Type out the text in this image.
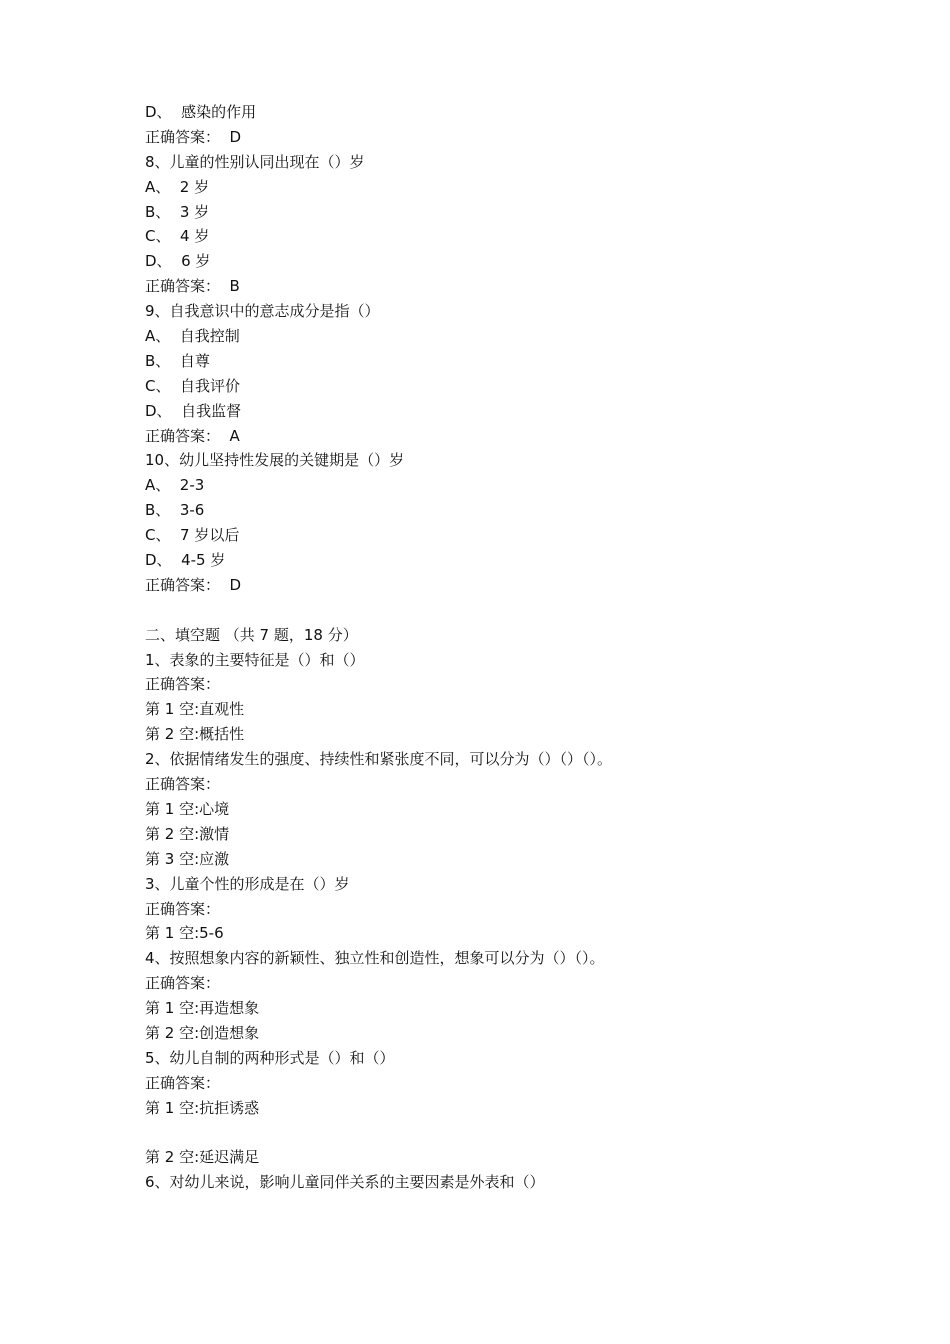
D、  感染的作用
正确答案：  D
8、儿童的性别认同出现在（）岁
A、  2 岁
B、  3 岁
C、  4 岁
D、  6 岁
正确答案：  B
9、自我意识中的意志成分是指（）
A、  自我控制
B、  自尊
C、  自我评价
D、  自我监督
正确答案：  A
10、幼儿坚持性发展的关键期是（）岁
A、  2-3
B、  3-6
C、  7 岁以后
D、  4-5 岁
正确答案：  D
二、填空题 （共 7 题，18 分）
1、表象的主要特征是（）和（）
正确答案：
第 1 空:直观性
第 2 空:概括性
2、依据情绪发生的强度、持续性和紧张度不同，可以分为（）（）（）。
正确答案：
第 1 空:心境
第 2 空:激情
第 3 空:应激
3、儿童个性的形成是在（）岁
正确答案：
第 1 空:5-6
4、按照想象内容的新颖性、独立性和创造性，想象可以分为（）（）。
正确答案：
第 1 空:再造想象
第 2 空:创造想象
5、幼儿自制的两种形式是（）和（）
正确答案：
第 1 空:抗拒诱惑
第 2 空:延迟满足
6、对幼儿来说，影响儿童同伴关系的主要因素是外表和（）
